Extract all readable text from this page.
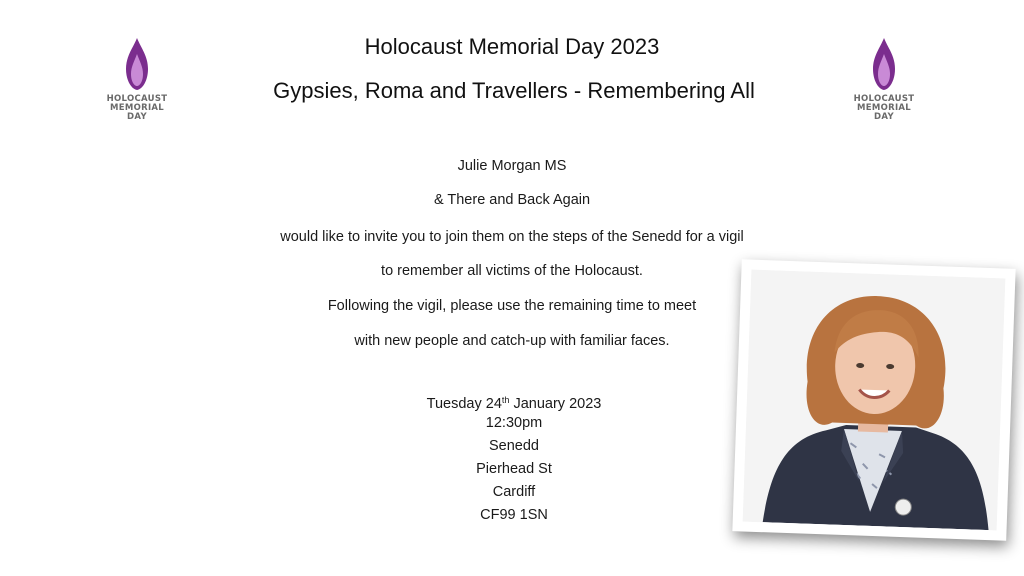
HOLOCAUST
MEMORIAL
DAY
HOLOCAUST
MEMORIAL
DAY
Holocaust Memorial Day 2023
Gypsies, Roma and Travellers - Remembering All
Julie Morgan MS
& There and Back Again
would like to invite you to join them on the steps of the Senedd for a vigil
to remember all victims of the Holocaust.
Following the vigil, please use the remaining time to meet
with new people and catch-up with familiar faces.
Tuesday 24th January 2023
12:30pm
Senedd
Pierhead St
Cardiff
CF99 1SN
